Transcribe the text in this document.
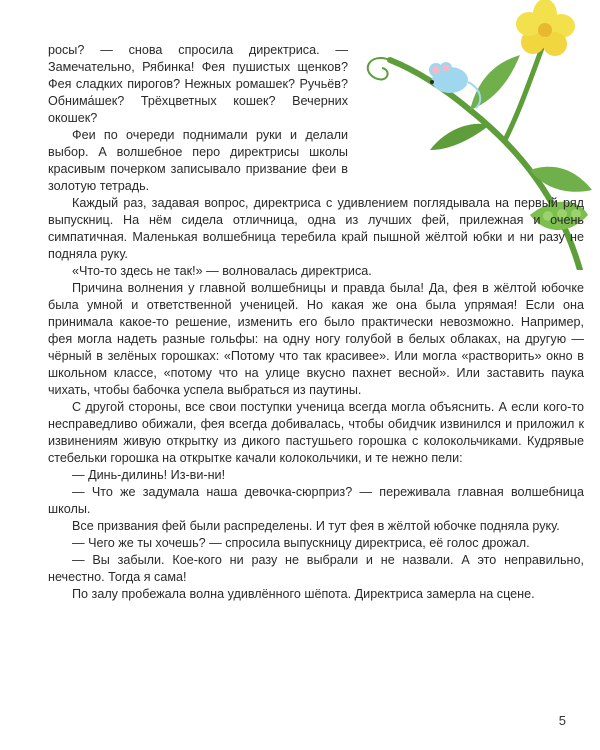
росы? — снова спросила директриса. — Замечательно, Рябинка! Фея пушистых щенков? Фея сладких пирогов? Нежных ромашек? Ручьёв? Обнима́шек? Трёхцветных кошек? Вечерних окошек?

Феи по очереди поднимали руки и делали выбор. А волшебное перо директрисы школы красивым почерком записывало призвание феи в золотую тетрадь.

Каждый раз, задавая вопрос, директриса с удивлением поглядывала на первый ряд выпускниц. На нём сидела отличница, одна из лучших фей, прилежная и очень симпатичная. Маленькая волшебница теребила край пышной жёлтой юбки и ни разу не подняла руку.

«Что-то здесь не так!» — волновалась директриса.

Причина волнения у главной волшебницы и правда была! Да, фея в жёлтой юбочке была умной и ответственной ученицей. Но какая же она была упрямая! Если она принимала какое-то решение, изменить его было практически невозможно. Например, фея могла надеть разные гольфы: на одну ногу голубой в белых облаках, на другую — чёрный в зелёных горошках: «Потому что так красивее». Или могла «растворить» окно в школьном классе, «потому что на улице вкусно пахнет весной». Или заставить паука чихать, чтобы бабочка успела выбраться из паутины.

С другой стороны, все свои поступки ученица всегда могла объяснить. А если кого-то несправедливо обижали, фея всегда добивалась, чтобы обидчик извинился и приложил к извинениям живую открытку из дикого пастушьего горошка с колокольчиками. Кудрявые стебельки горошка на открытке качали колокольчики, и те нежно пели:

— Динь-дилинь! Из-ви-ни!

— Что же задумала наша девочка-сюрприз? — переживала главная волшебница школы.

Все призвания фей были распределены. И тут фея в жёлтой юбочке подняла руку.

— Чего же ты хочешь? — спросила выпускницу директриса, её голос дрожал.

— Вы забыли. Кое-кого ни разу не выбрали и не назвали. А это неправильно, нечестно. Тогда я сама!

По залу пробежала волна удивлённого шёпота. Директриса замерла на сцене.

5
